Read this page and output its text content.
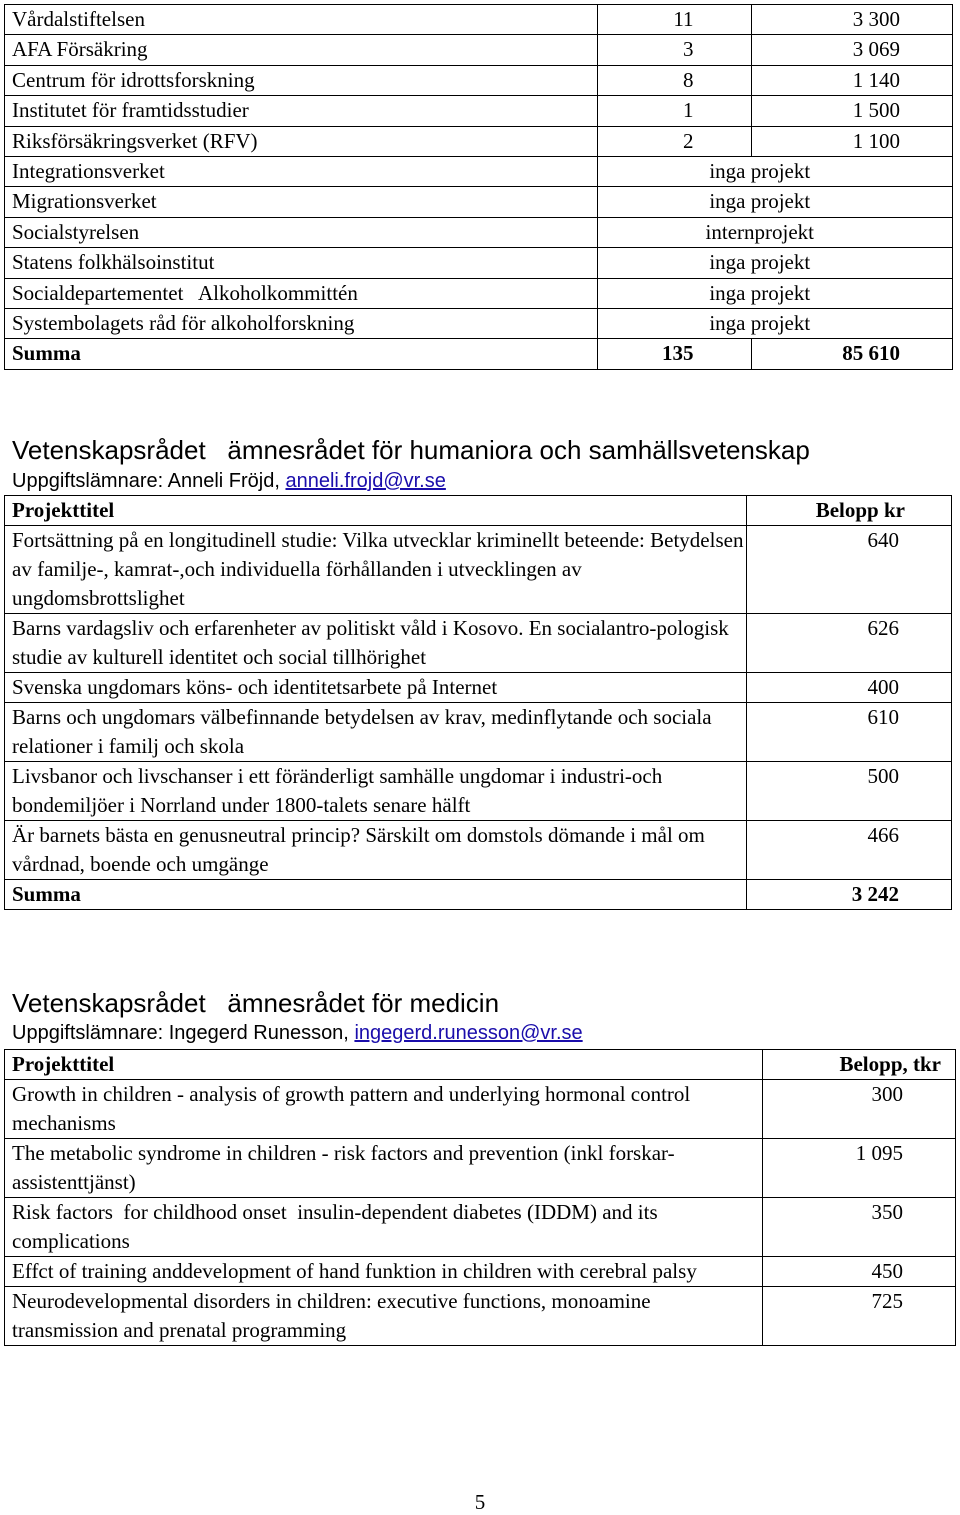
Vårdalstiftelsen	11	3 300
AFA Försäkring	3	3 069
Centrum för idrottsforskning	8	1 140
Institutet för framtidsstudier	1	1 500
Riksförsäkringsverket (RFV)	2	1 100
Integrationsverket	inga projekt	
Migrationsverket	inga projekt	
Socialstyrelsen	internprojekt	
Statens folkhälsoinstitut	inga projekt	
Socialdepartementet   Alkoholkommittén	inga projekt	
Systembolagets råd för alkoholforskning	inga projekt	
Summa	135	85 610
Vetenskapsrådet   ämnesrådet för humaniora och samhällsvetenskap
Uppgiftslämnare: Anneli Fröjd, anneli.frojd@vr.se
Projekttitel	Belopp kr
Fortsättning på en longitudinell studie: Vilka utvecklar kriminellt beteende: Betydelsen av familje-, kamrat-,och individuella förhållanden i utvecklingen av ungdomsbrottslighet	640
Barns vardagsliv och erfarenheter av politiskt våld i Kosovo. En socialantro-pologisk studie av kulturell identitet och social tillhörighet	626
Svenska ungdomars köns- och identitetsarbete på Internet	400
Barns och ungdomars välbefinnande betydelsen av krav, medinflytande och sociala relationer i familj och skola	610
Livsbanor och livschanser i ett föränderligt samhälle ungdomar i industri-och bondemiljöer i Norrland under 1800-talets senare hälft	500
Är barnets bästa en genusneutral princip? Särskilt om domstols dömande i mål om vårdnad, boende och umgänge	466
Summa	3 242
Vetenskapsrådet   ämnesrådet för medicin
Uppgiftslämnare: Ingegerd Runesson, ingegerd.runesson@vr.se
Projekttitel	Belopp, tkr
Growth in children - analysis of growth pattern and underlying hormonal control mechanisms	300
The metabolic syndrome in children - risk factors and prevention (inkl forskar-assistenttjänst)	1 095
Risk factors  for childhood onset  insulin-dependent diabetes (IDDM) and its complications	350
Effct of training anddevelopment of hand funktion in children with cerebral palsy	450
Neurodevelopmental disorders in children: executive functions, monoamine transmission and prenatal programming	725
5
